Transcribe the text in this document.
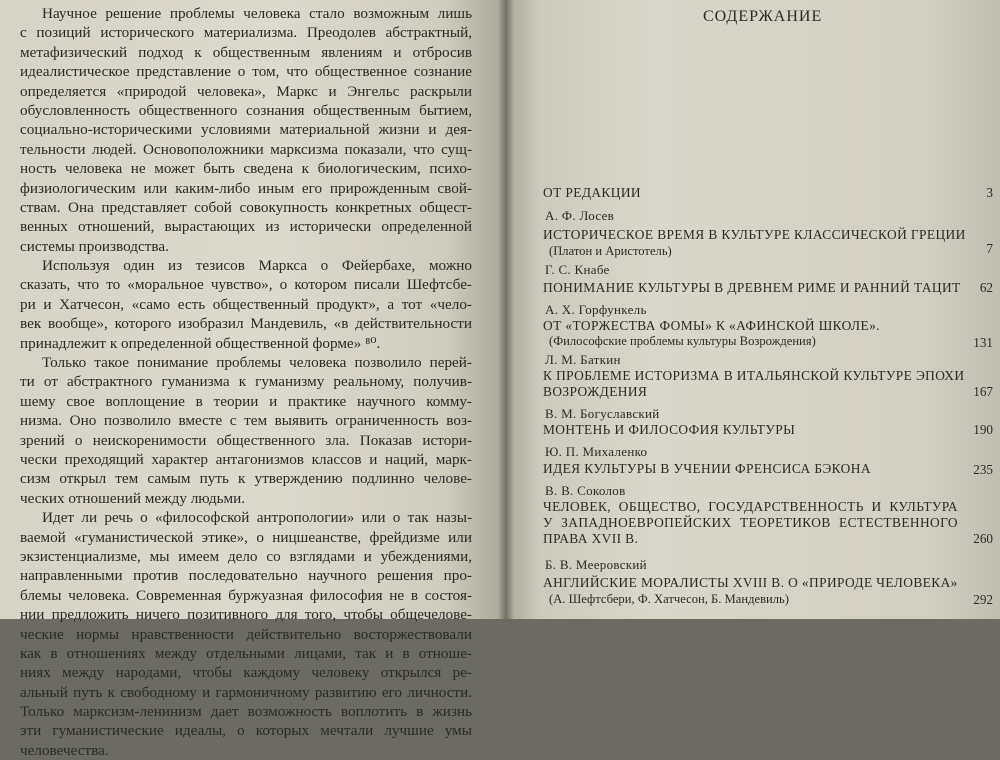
Научное решение проблемы человека стало возможным лишь
с позиций исторического материализма. Преодолев абстрактный,
метафизический подход к общественным явлениям и отбросив
идеалистическое представление о том, что общественное сознание
определяется «природой человека», Маркс и Энгельс раскрыли
обусловленность общественного сознания общественным бытием,
социально-историческими условиями материальной жизни и дея-
тельности людей. Основоположники марксизма показали, что сущ-
ность человека не может быть сведена к биологическим, психо-
физиологическим или каким-либо иным его прирожденным свой-
ствам. Она представляет собой совокупность конкретных общест-
венных отношений, вырастающих из исторически определенной
системы производства.
Используя один из тезисов Маркса о Фейербахе, можно
сказать, что то «моральное чувство», о котором писали Шефтсбе-
ри и Хатчесон, «само есть общественный продукт», а тот «чело-
век вообще», которого изобразил Мандевиль, «в действительности
принадлежит к определенной общественной форме» ⁸⁰.
Только такое понимание проблемы человека позволило перей-
ти от абстрактного гуманизма к гуманизму реальному, получив-
шему свое воплощение в теории и практике научного комму-
низма. Оно позволило вместе с тем выявить ограниченность воз-
зрений о неискоренимости общественного зла. Показав истори-
чески преходящий характер антагонизмов классов и наций, марк-
сизм открыл тем самым путь к утверждению подлинно челове-
ческих отношений между людьми.
Идет ли речь о «философской антропологии» или о так назы-
ваемой «гуманистической этике», о ницшеанстве, фрейдизме или
экзистенциализме, мы имеем дело со взглядами и убеждениями,
направленными против последовательно научного решения про-
блемы человека. Современная буржуазная философия не в состоя-
нии предложить ничего позитивного для того, чтобы общечелове-
ческие нормы нравственности действительно восторжествовали
как в отношениях между отдельными лицами, так и в отноше-
ниях между народами, чтобы каждому человеку открылся ре-
альный путь к свободному и гармоничному развитию его личности.
Только марксизм-ленинизм дает возможность воплотить в жизнь
эти гуманистические идеалы, о которых мечтали лучшие умы
человечества.
СОДЕРЖАНИЕ
ОТ РЕДАКЦИИ	3
А. Ф. Лосев
ИСТОРИЧЕСКОЕ ВРЕМЯ В КУЛЬТУРЕ КЛАССИЧЕСКОЙ ГРЕЦИИ
(Платон и Аристотель)	7
Г. С. Кнабе
ПОНИМАНИЕ КУЛЬТУРЫ В ДРЕВНЕМ РИМЕ И РАННИЙ ТАЦИТ	62
А. Х. Горфункель
ОТ «ТОРЖЕСТВА ФОМЫ» К «АФИНСКОЙ ШКОЛЕ».
(Философские проблемы культуры Возрождения)	131
Л. М. Баткин
К ПРОБЛЕМЕ ИСТОРИЗМА В ИТАЛЬЯНСКОЙ КУЛЬТУРЕ ЭПОХИ
ВОЗРОЖДЕНИЯ	167
В. М. Богуславский
МОНТЕНЬ И ФИЛОСОФИЯ КУЛЬТУРЫ	190
Ю. П. Михаленко
ИДЕЯ КУЛЬТУРЫ В УЧЕНИИ ФРЕНСИСА БЭКОНА	235
В. В. Соколов
ЧЕЛОВЕК, ОБЩЕСТВО, ГОСУДАРСТВЕННОСТЬ И КУЛЬТУРА
У ЗАПАДНОЕВРОПЕЙСКИХ ТЕОРЕТИКОВ ЕСТЕСТВЕННОГО
ПРАВА XVII В.	260
Б. В. Мееровский
АНГЛИЙСКИЕ МОРАЛИСТЫ XVIII В. О «ПРИРОДЕ ЧЕЛОВЕКА»
(А. Шефтсбери, Ф. Хатчесон, Б. Мандевиль)	292
